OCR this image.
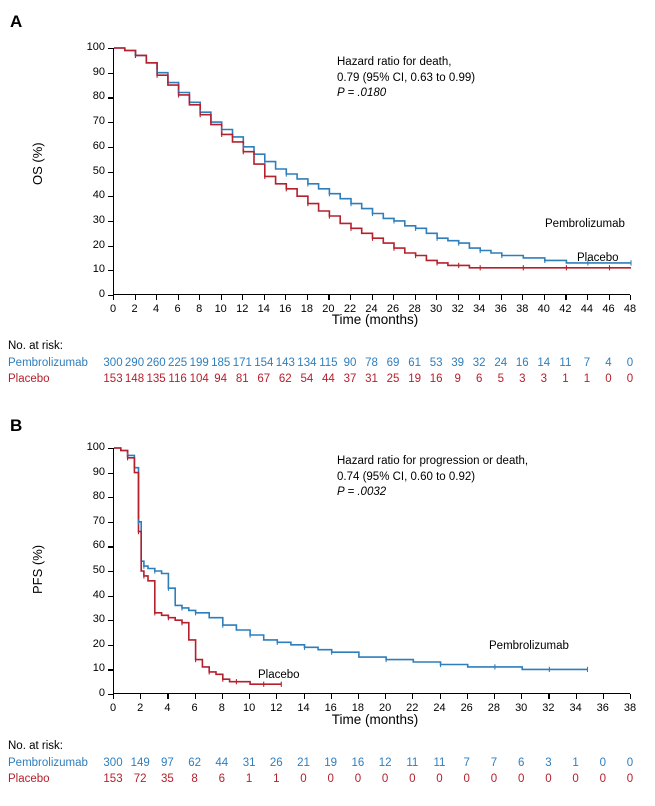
A
OS (%)
0
10
20
30
40
50
60
70
80
90
100
0	2	4	6	8	10 12 14 16 18 20 22 24 26 28 30 32 34 36 38 40 42 44 46 48
Time (months)
Hazard ratio for death,
0.79 (95% CI, 0.63 to 0.99)
P = .0180
Pembrolizumab
Placebo
No. at risk:
Pembrolizumab 300 290 260 225 199 185 171 154 143 134 115 90 78 69 61 53 39 32 24 16 14 11	7	4	0
Placebo	153 148 135 116 104 94 81 67 62 54 44 37 31 25 19 16	9	6	5	3	3	1	1	0	0
B
PFS (%)
0
10
20
30
40
50
60
70
80
90
100
0	2	4	6	8	10	12	14	16	18	20	22	24	26	28	30	32	34	36	38
Time (months)
Hazard ratio for progression or death,
0.74 (95% CI, 0.60 to 0.92)
P = .0032
Pembrolizumab
Placebo
No. at risk:
Pembrolizumab 300 149 97	62	44	31	26	21	19	16	12	11	11	7	7	6	3	1	0	0
Placebo	153 72	35	8	6	1	1	0	0	0	0	0	0	0	0	0	0	0	0	0
